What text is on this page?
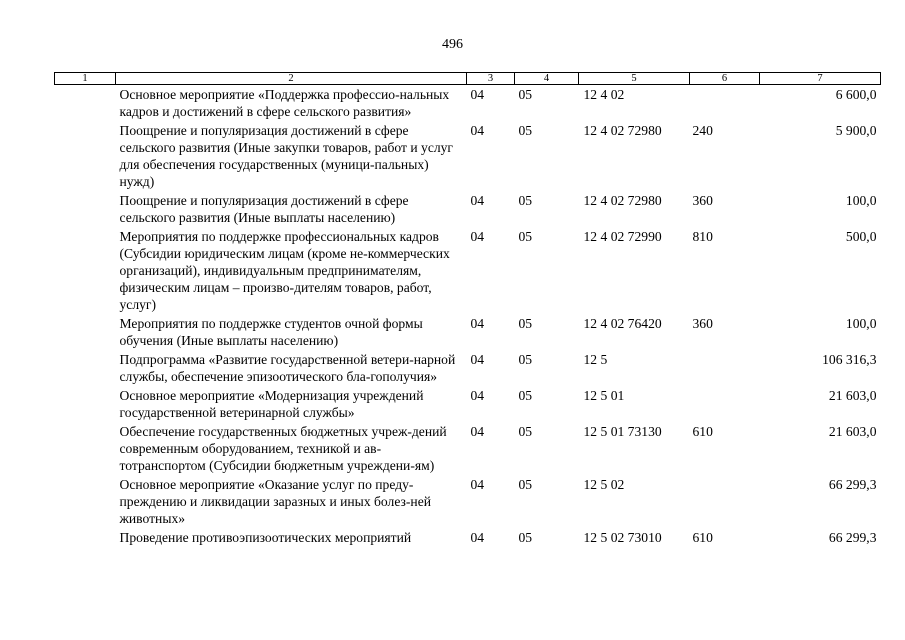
496
1	2	3	4	5	6	7
	Основное мероприятие «Поддержка профессио-нальных кадров и достижений в сфере сельского развития»	04	05	12 4 02		6 600,0
	Поощрение и популяризация достижений в сфере сельского развития (Иные закупки товаров, работ и услуг для обеспечения государственных (муници-пальных) нужд)	04	05	12 4 02 72980	240	5 900,0
	Поощрение и популяризация достижений в сфере сельского развития (Иные выплаты населению)	04	05	12 4 02 72980	360	100,0
	Мероприятия по поддержке профессиональных кадров (Субсидии юридическим лицам (кроме не-коммерческих организаций), индивидуальным предпринимателям, физическим лицам – произво-дителям товаров, работ, услуг)	04	05	12 4 02 72990	810	500,0
	Мероприятия по поддержке студентов очной формы обучения (Иные выплаты населению)	04	05	12 4 02 76420	360	100,0
	Подпрограмма «Развитие государственной ветери-нарной службы, обеспечение эпизоотического бла-гополучия»	04	05	12 5		106 316,3
	Основное мероприятие «Модернизация учреждений государственной ветеринарной службы»	04	05	12 5 01		21 603,0
	Обеспечение государственных бюджетных учреж-дений современным оборудованием, техникой и ав-тотранспортом (Субсидии бюджетным учреждени-ям)	04	05	12 5 01 73130	610	21 603,0
	Основное мероприятие «Оказание услуг по преду-преждению и ликвидации заразных и иных болез-ней животных»	04	05	12 5 02		66 299,3
	Проведение противоэпизоотических мероприятий	04	05	12 5 02 73010	610	66 299,3
